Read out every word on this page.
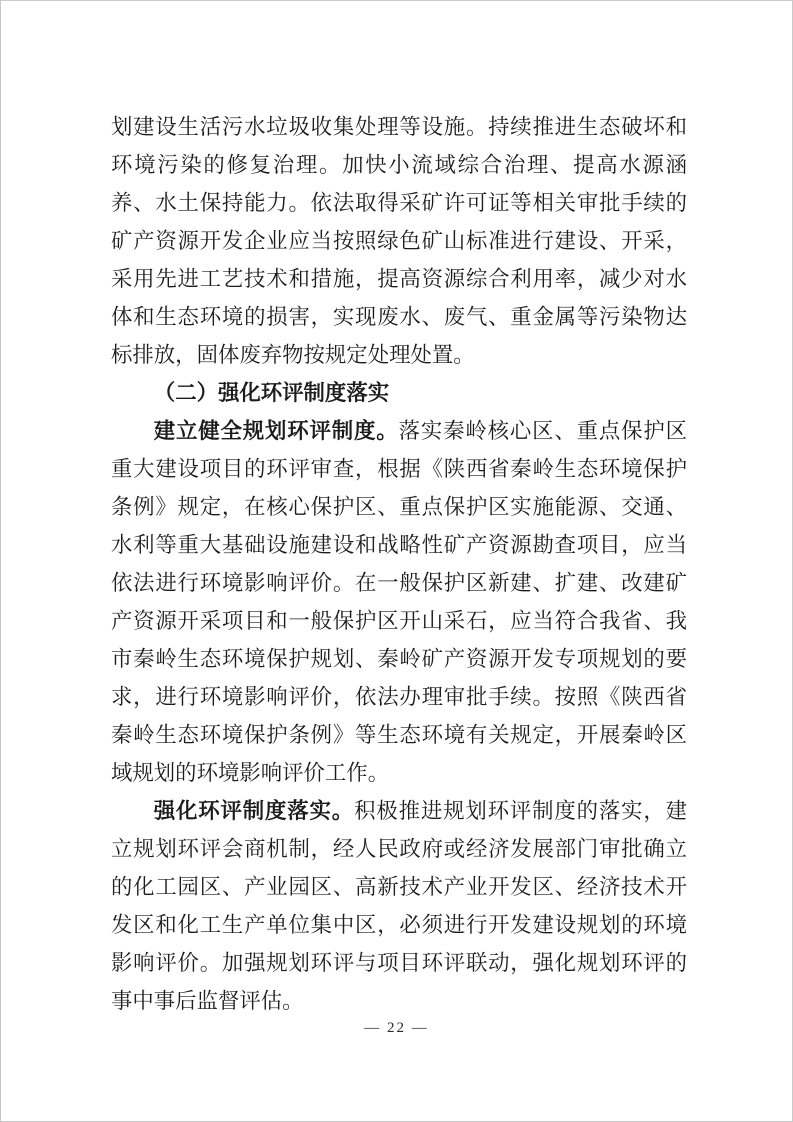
划建设生活污水垃圾收集处理等设施。持续推进生态破坏和环境污染的修复治理。加快小流域综合治理、提高水源涵养、水土保持能力。依法取得采矿许可证等相关审批手续的矿产资源开发企业应当按照绿色矿山标准进行建设、开采，采用先进工艺技术和措施，提高资源综合利用率，减少对水体和生态环境的损害，实现废水、废气、重金属等污染物达标排放，固体废弃物按规定处理处置。

（二）强化环评制度落实

建立健全规划环评制度。落实秦岭核心区、重点保护区重大建设项目的环评审查，根据《陕西省秦岭生态环境保护条例》规定，在核心保护区、重点保护区实施能源、交通、水利等重大基础设施建设和战略性矿产资源勘查项目，应当依法进行环境影响评价。在一般保护区新建、扩建、改建矿产资源开采项目和一般保护区开山采石，应当符合我省、我市秦岭生态环境保护规划、秦岭矿产资源开发专项规划的要求，进行环境影响评价，依法办理审批手续。按照《陕西省秦岭生态环境保护条例》等生态环境有关规定，开展秦岭区域规划的环境影响评价工作。

强化环评制度落实。积极推进规划环评制度的落实，建立规划环评会商机制，经人民政府或经济发展部门审批确立的化工园区、产业园区、高新技术产业开发区、经济技术开发区和化工生产单位集中区，必须进行开发建设规划的环境影响评价。加强规划环评与项目环评联动，强化规划环评的事中事后监督评估。

— 22 —
